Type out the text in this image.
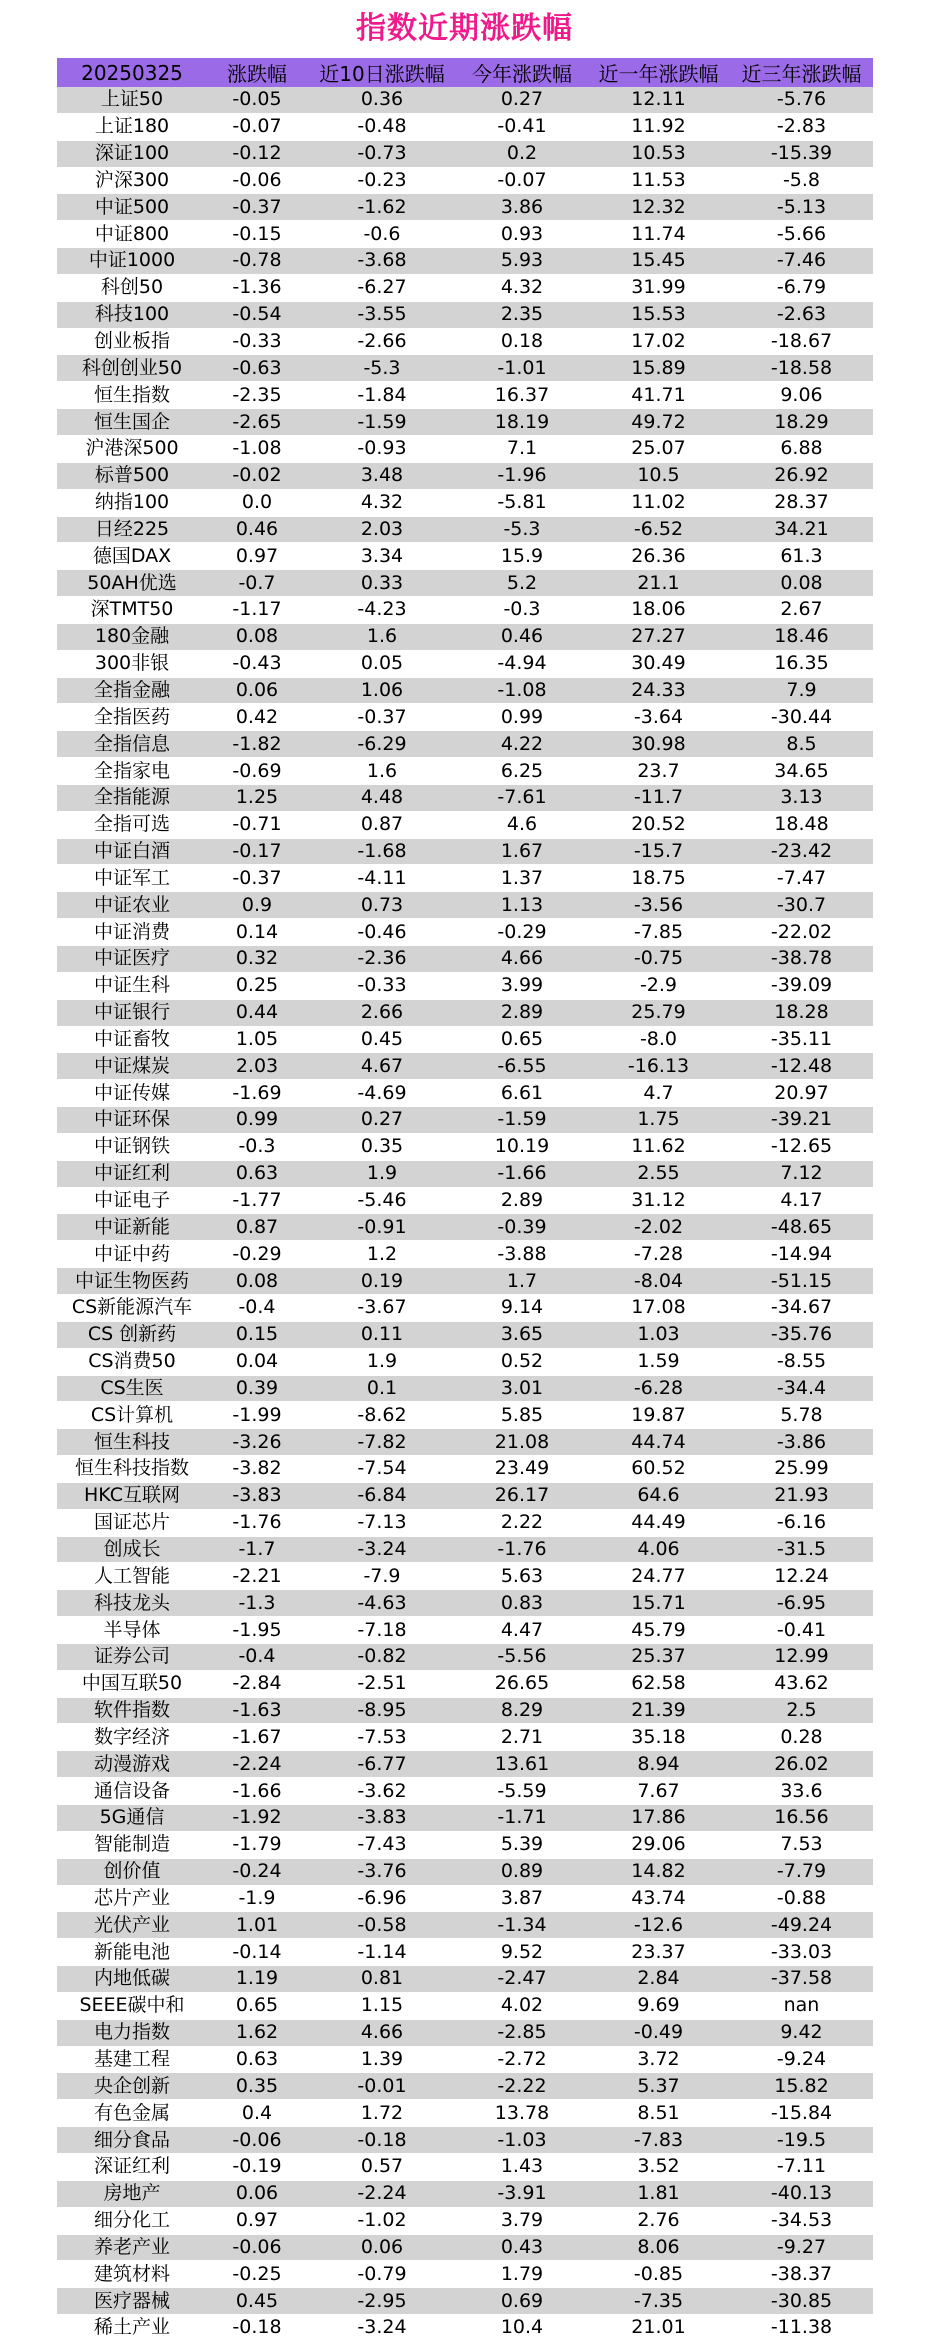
指数近期涨跌幅
20250325	涨跌幅	近10日涨跌幅	今年涨跌幅	近一年涨跌幅	近三年涨跌幅
上证50	-0.05	0.36	0.27	12.11	-5.76
上证180	-0.07	-0.48	-0.41	11.92	-2.83
深证100	-0.12	-0.73	0.2	10.53	-15.39
沪深300	-0.06	-0.23	-0.07	11.53	-5.8
中证500	-0.37	-1.62	3.86	12.32	-5.13
中证800	-0.15	-0.6	0.93	11.74	-5.66
中证1000	-0.78	-3.68	5.93	15.45	-7.46
科创50	-1.36	-6.27	4.32	31.99	-6.79
科技100	-0.54	-3.55	2.35	15.53	-2.63
创业板指	-0.33	-2.66	0.18	17.02	-18.67
科创创业50	-0.63	-5.3	-1.01	15.89	-18.58
恒生指数	-2.35	-1.84	16.37	41.71	9.06
恒生国企	-2.65	-1.59	18.19	49.72	18.29
沪港深500	-1.08	-0.93	7.1	25.07	6.88
标普500	-0.02	3.48	-1.96	10.5	26.92
纳指100	0.0	4.32	-5.81	11.02	28.37
日经225	0.46	2.03	-5.3	-6.52	34.21
德国DAX	0.97	3.34	15.9	26.36	61.3
50AH优选	-0.7	0.33	5.2	21.1	0.08
深TMT50	-1.17	-4.23	-0.3	18.06	2.67
180金融	0.08	1.6	0.46	27.27	18.46
300非银	-0.43	0.05	-4.94	30.49	16.35
全指金融	0.06	1.06	-1.08	24.33	7.9
全指医药	0.42	-0.37	0.99	-3.64	-30.44
全指信息	-1.82	-6.29	4.22	30.98	8.5
全指家电	-0.69	1.6	6.25	23.7	34.65
全指能源	1.25	4.48	-7.61	-11.7	3.13
全指可选	-0.71	0.87	4.6	20.52	18.48
中证白酒	-0.17	-1.68	1.67	-15.7	-23.42
中证军工	-0.37	-4.11	1.37	18.75	-7.47
中证农业	0.9	0.73	1.13	-3.56	-30.7
中证消费	0.14	-0.46	-0.29	-7.85	-22.02
中证医疗	0.32	-2.36	4.66	-0.75	-38.78
中证生科	0.25	-0.33	3.99	-2.9	-39.09
中证银行	0.44	2.66	2.89	25.79	18.28
中证畜牧	1.05	0.45	0.65	-8.0	-35.11
中证煤炭	2.03	4.67	-6.55	-16.13	-12.48
中证传媒	-1.69	-4.69	6.61	4.7	20.97
中证环保	0.99	0.27	-1.59	1.75	-39.21
中证钢铁	-0.3	0.35	10.19	11.62	-12.65
中证红利	0.63	1.9	-1.66	2.55	7.12
中证电子	-1.77	-5.46	2.89	31.12	4.17
中证新能	0.87	-0.91	-0.39	-2.02	-48.65
中证中药	-0.29	1.2	-3.88	-7.28	-14.94
中证生物医药	0.08	0.19	1.7	-8.04	-51.15
CS新能源汽车	-0.4	-3.67	9.14	17.08	-34.67
CS 创新药	0.15	0.11	3.65	1.03	-35.76
CS消费50	0.04	1.9	0.52	1.59	-8.55
CS生医	0.39	0.1	3.01	-6.28	-34.4
CS计算机	-1.99	-8.62	5.85	19.87	5.78
恒生科技	-3.26	-7.82	21.08	44.74	-3.86
恒生科技指数	-3.82	-7.54	23.49	60.52	25.99
HKC互联网	-3.83	-6.84	26.17	64.6	21.93
国证芯片	-1.76	-7.13	2.22	44.49	-6.16
创成长	-1.7	-3.24	-1.76	4.06	-31.5
人工智能	-2.21	-7.9	5.63	24.77	12.24
科技龙头	-1.3	-4.63	0.83	15.71	-6.95
半导体	-1.95	-7.18	4.47	45.79	-0.41
证券公司	-0.4	-0.82	-5.56	25.37	12.99
中国互联50	-2.84	-2.51	26.65	62.58	43.62
软件指数	-1.63	-8.95	8.29	21.39	2.5
数字经济	-1.67	-7.53	2.71	35.18	0.28
动漫游戏	-2.24	-6.77	13.61	8.94	26.02
通信设备	-1.66	-3.62	-5.59	7.67	33.6
5G通信	-1.92	-3.83	-1.71	17.86	16.56
智能制造	-1.79	-7.43	5.39	29.06	7.53
创价值	-0.24	-3.76	0.89	14.82	-7.79
芯片产业	-1.9	-6.96	3.87	43.74	-0.88
光伏产业	1.01	-0.58	-1.34	-12.6	-49.24
新能电池	-0.14	-1.14	9.52	23.37	-33.03
内地低碳	1.19	0.81	-2.47	2.84	-37.58
SEEE碳中和	0.65	1.15	4.02	9.69	nan
电力指数	1.62	4.66	-2.85	-0.49	9.42
基建工程	0.63	1.39	-2.72	3.72	-9.24
央企创新	0.35	-0.01	-2.22	5.37	15.82
有色金属	0.4	1.72	13.78	8.51	-15.84
细分食品	-0.06	-0.18	-1.03	-7.83	-19.5
深证红利	-0.19	0.57	1.43	3.52	-7.11
房地产	0.06	-2.24	-3.91	1.81	-40.13
细分化工	0.97	-1.02	3.79	2.76	-34.53
养老产业	-0.06	0.06	0.43	8.06	-9.27
建筑材料	-0.25	-0.79	1.79	-0.85	-38.37
医疗器械	0.45	-2.95	0.69	-7.35	-30.85
稀土产业	-0.18	-3.24	10.4	21.01	-11.38
